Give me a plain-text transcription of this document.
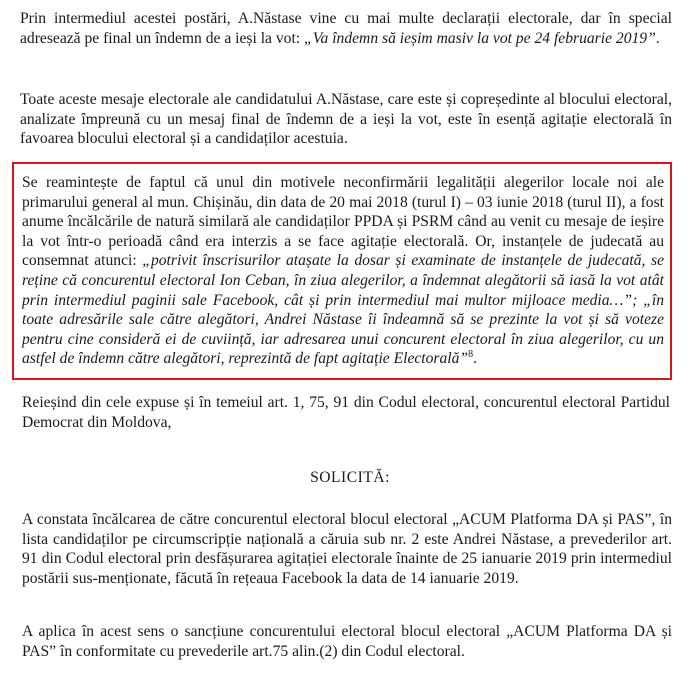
Prin intermediul acestei postări, A.Năstase vine cu mai multe declarații electorale, dar în special adresează pe final un îndemn de a ieși la vot: „Va îndemn să ieșim masiv la vot pe 24 februarie 2019”.

Toate aceste mesaje electorale ale candidatului A.Năstase, care este și copreședinte al blocului electoral, analizate împreună cu un mesaj final de îndemn de a ieși la vot, este în esență agitație electorală în favoarea blocului electoral și a candidaților acestuia.

Se reamintește de faptul că unul din motivele neconfirmării legalității alegerilor locale noi ale primarului general al mun. Chișinău, din data de 20 mai 2018 (turul I) – 03 iunie 2018 (turul II), a fost anume încălcările de natură similară ale candidaților PPDA și PSRM când au venit cu mesaje de ieșire la vot într-o perioadă când era interzis a se face agitație electorală. Or, instanțele de judecată au consemnat atunci: „potrivit înscrisurilor atașate la dosar și examinate de instanțele de judecată, se reține că concurentul electoral Ion Ceban, în ziua alegerilor, a îndemnat alegătorii să iasă la vot atât prin intermediul paginii sale Facebook, cât și prin intermediul mai multor mijloace media…”; „în toate adresările sale către alegători, Andrei Năstase îi îndeamnă să se prezinte la vot și să voteze pentru cine consideră ei de cuviință, iar adresarea unui concurent electoral în ziua alegerilor, cu un astfel de îndemn către alegători, reprezintă de fapt agitație Electorală”$^8$.

Reieșind din cele expuse și în temeiul art. 1, 75, 91 din Codul electoral, concurentul electoral Partidul Democrat din Moldova,

SOLICITĂ:

A constata încălcarea de către concurentul electoral blocul electoral „ACUM Platforma DA și PAS”, în lista candidaților pe circumscripție națională a căruia sub nr. 2 este Andrei Năstase, a prevederilor art. 91 din Codul electoral prin desfășurarea agitației electorale înainte de 25 ianuarie 2019 prin intermediul postării sus-menționate, făcută în rețeaua Facebook la data de 14 ianuarie 2019.

A aplica în acest sens o sancțiune concurentului electoral blocul electoral „ACUM Platforma DA și PAS” în conformitate cu prevederile art.75 alin.(2) din Codul electoral.
